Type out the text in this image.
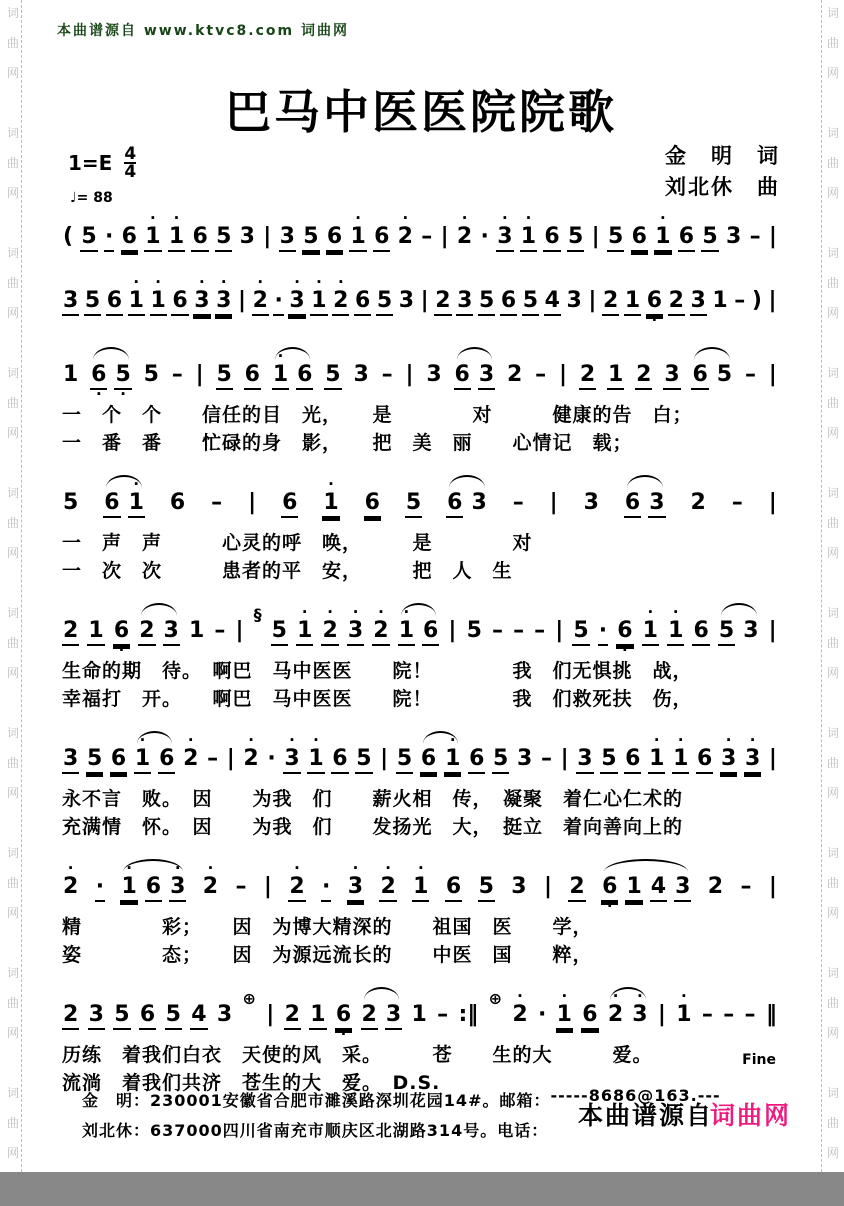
词
曲
网
词
曲
网
词
曲
网
词
曲
网
词
曲
网
词
曲
网
词
曲
网
词
曲
网
词
曲
网
词
曲
网
词
曲
网
词
曲
网
词
曲
网
词
曲
网
词
曲
网
词
曲
网
词
曲
网
词
曲
网
词
曲
网
词
曲
网
本曲谱源自 www.ktvc8.com 词曲网
巴马中医医院院歌
金　明　词
刘北休　曲
$1=E \frac{4}{4}$
♩= 88

(

5

·

6

·
1

·
1

6

5

3

|

3

5

6

·
1

6

·
2

–

|

·
2

·

·
3

·
1

6

5

|

5

6

·
1

6

5

3

–

|

3

5

6

·
1

·
1

6

·
3

·
3

|

·
2

·

·
3

·
1

·
2

6

5

3

|

2

3

5

6

5

4

3

|

2

1

6
·

2

3

1

–

)

|

1

6
·

5
·

5

–

|

5

6

·
1

6

5

3

–

|

3

6

3

2

–

|

2

1

2

3

6

5

–

|

一　个　个　　信任的目　光，　　是　　　　对　　　健康的告　白；
一　番　番　　忙碌的身　影，　　把　美　丽　　心情记　载；

5

6

·
1

6

–

|

6

·
1

6

5

6

3

–

|

3

6

3

2

–

|

一　声　声　　　心灵的呼　唤，　　　是　　　　对
一　次　次　　　患者的平　安，　　　把　人　生

2

1

6
·

2

3

1

–

|

§

5

·
1

·
2

·
3

·
2

·
1

6

|

5

–

–

–

|

5

·

6
·
·
1

·
1

6

5

3

|

生命的期　待。　啊巴　马中医医　　院！　　　　我　们无惧挑　战，
幸福打　开。　　啊巴　马中医医　　院！　　　　我　们救死扶　伤，

3

5

6

·
1

6

·
2

–

|

·
2

·

·
3

·
1

6

5

|

5

6

·
1

6

5

3

–

|

3

5

6

·
1

·
1

6

·
3

·
3

|

永不言　败。　因　　为我　们　　薪火相　传，　凝聚　着仁心仁术的
充满情　怀。　因　　为我　们　　发扬光　大，　挺立　着向善向上的
·
2

·

·
1

6

·
3

·
2

–

|

·
2

·

·
3

·
2

·
1

6

5

3

|

2

6
·

1

4

3

2

–

|

精　　　　彩；　　因　为博大精深的　　祖国　医　　学，
姿　　　　态；　　因　为源远流长的　　中医　国　　粹，

2

3

5

6

5

4

3

⊕

|

2

1

6
·

2

3

1

–

:‖

⊕ ·
2

·

·
1

6

·
2

·
3

|

·
1

–

–

–

‖

历练　着我们白衣　天使的风　采。　　　苍　　生的大　　　爱。
流淌　着我们共济　苍生的大　爱。　D.S.
Fine
金　明：230001安徽省合肥市濉溪路深圳花园14#。邮箱：-----8686@163.---
刘北休：637000四川省南充市顺庆区北湖路314号。电话：
本曲谱源自
词曲网
